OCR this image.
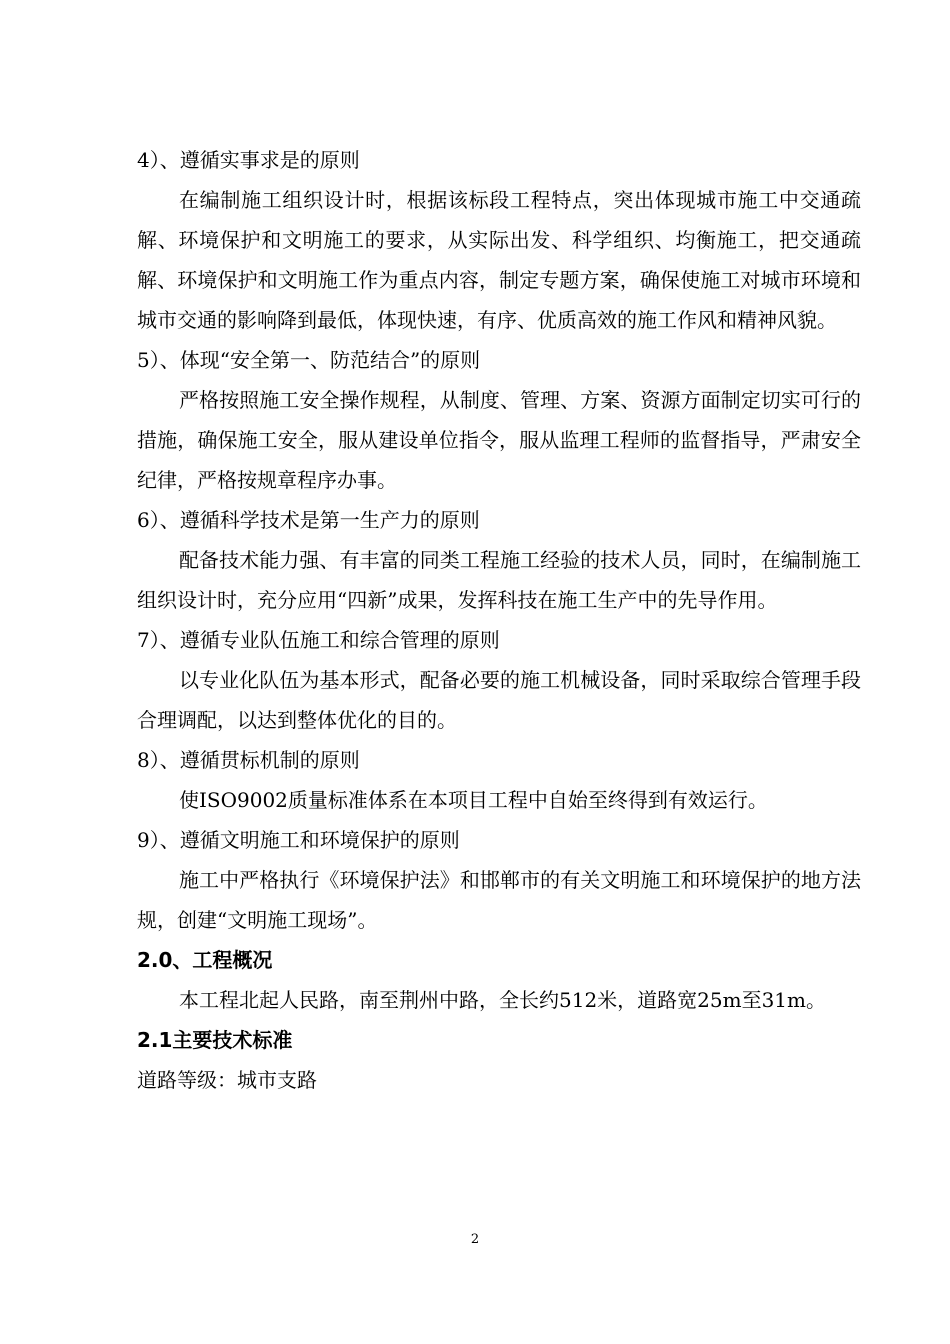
4）、遵循实事求是的原则

在编制施工组织设计时，根据该标段工程特点，突出体现城市施工中交通疏解、环境保护和文明施工的要求，从实际出发、科学组织、均衡施工，把交通疏解、环境保护和文明施工作为重点内容，制定专题方案，确保使施工对城市环境和城市交通的影响降到最低，体现快速，有序、优质高效的施工作风和精神风貌。

5）、体现“安全第一、防范结合”的原则

严格按照施工安全操作规程，从制度、管理、方案、资源方面制定切实可行的措施，确保施工安全，服从建设单位指令，服从监理工程师的监督指导，严肃安全纪律，严格按规章程序办事。

6）、遵循科学技术是第一生产力的原则

配备技术能力强、有丰富的同类工程施工经验的技术人员，同时，在编制施工组织设计时，充分应用“四新”成果，发挥科技在施工生产中的先导作用。

7）、遵循专业队伍施工和综合管理的原则

以专业化队伍为基本形式，配备必要的施工机械设备，同时采取综合管理手段合理调配，以达到整体优化的目的。

8）、遵循贯标机制的原则

使ISO9002质量标准体系在本项目工程中自始至终得到有效运行。

9）、遵循文明施工和环境保护的原则

施工中严格执行《环境保护法》和邯郸市的有关文明施工和环境保护的地方法规，创建“文明施工现场”。

2.0、工程概况

本工程北起人民路，南至荆州中路，全长约512米，道路宽25m至31m。

2.1主要技术标准
道路等级：城市支路
2
